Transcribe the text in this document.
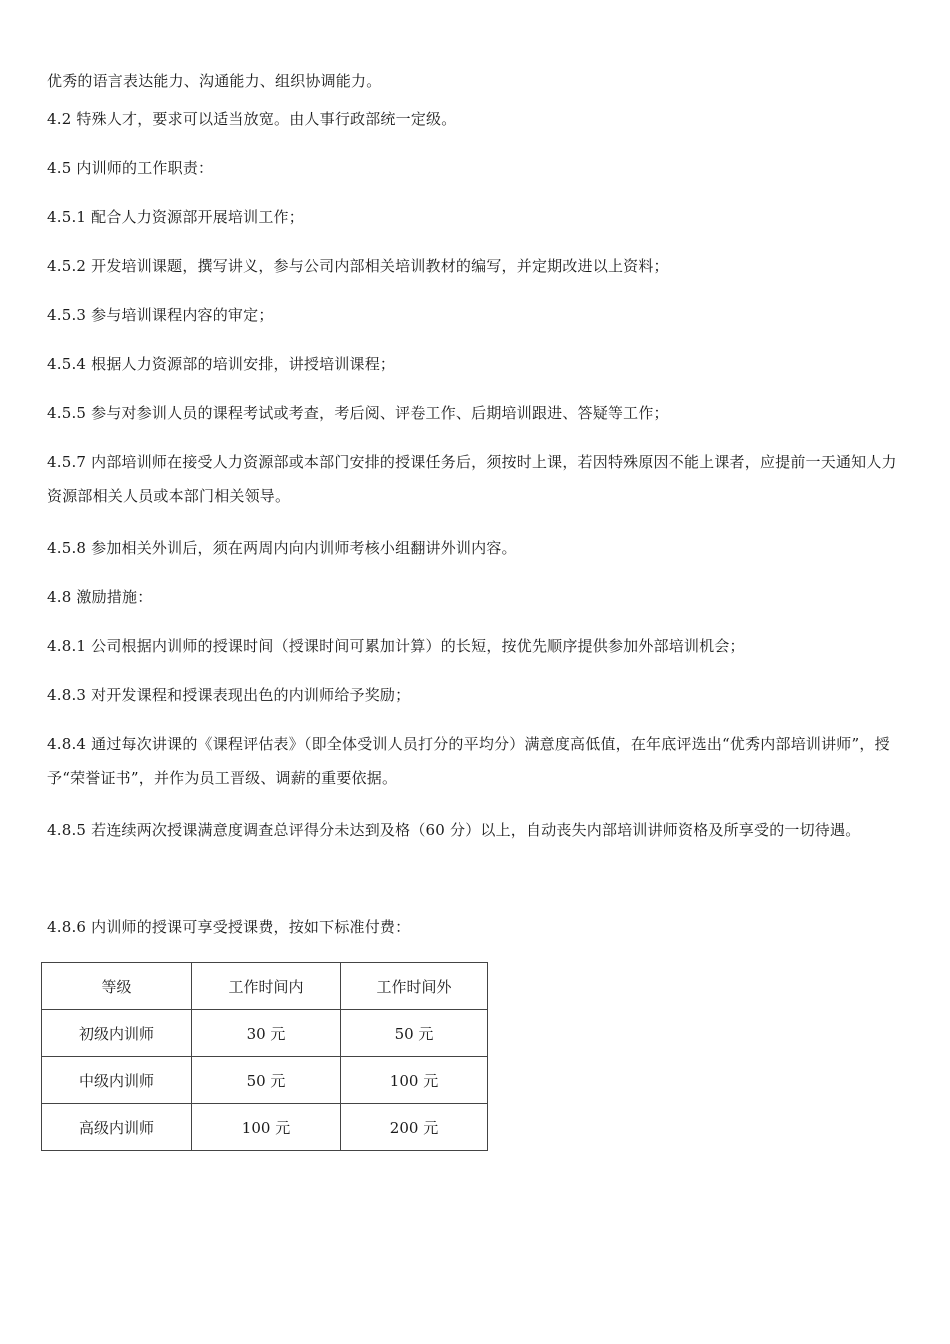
优秀的语言表达能力、沟通能力、组织协调能力。
4.2 特殊人才，要求可以适当放宽。由人事行政部统一定级。
4.5 内训师的工作职责：
4.5.1 配合人力资源部开展培训工作；
4.5.2 开发培训课题，撰写讲义，参与公司内部相关培训教材的编写，并定期改进以上资料；
4.5.3 参与培训课程内容的审定；
4.5.4 根据人力资源部的培训安排，讲授培训课程；
4.5.5 参与对参训人员的课程考试或考查，考后阅、评卷工作、后期培训跟进、答疑等工作；
4.5.7 内部培训师在接受人力资源部或本部门安排的授课任务后，须按时上课，若因特殊原因不能上课者，应提前一天通知人力资源部相关人员或本部门相关领导。
4.5.8 参加相关外训后，须在两周内向内训师考核小组翻讲外训内容。
4.8 激励措施：
4.8.1 公司根据内训师的授课时间（授课时间可累加计算）的长短，按优先顺序提供参加外部培训机会；
4.8.3 对开发课程和授课表现出色的内训师给予奖励；
4.8.4 通过每次讲课的《课程评估表》（即全体受训人员打分的平均分）满意度高低值，在年底评选出“优秀内部培训讲师”，授予“荣誉证书”，并作为员工晋级、调薪的重要依据。
4.8.5 若连续两次授课满意度调查总评得分未达到及格（60 分）以上，自动丧失内部培训讲师资格及所享受的一切待遇。
4.8.6 内训师的授课可享受授课费，按如下标准付费：
等级	工作时间内	工作时间外
初级内训师	30 元	50 元
中级内训师	50 元	100 元
高级内训师	100 元	200 元
